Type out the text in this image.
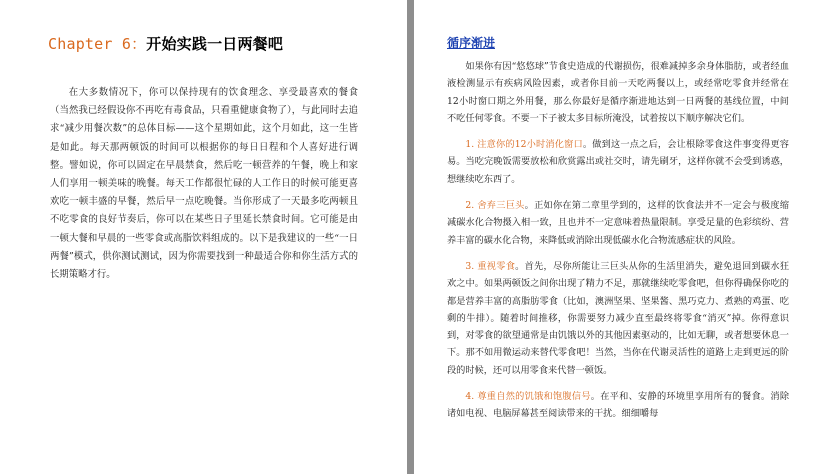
Chapter 6：开始实践一日两餐吧

在大多数情况下，你可以保持现有的饮食理念、享受最喜欢的餐食（当然我已经假设你不再吃有毒食品，只看重健康食物了），与此同时去追求“减少用餐次数”的总体目标——这个星期如此，这个月如此，这一生皆是如此。每天那两顿饭的时间可以根据你的每日日程和个人喜好进行调整。譬如说，你可以固定在早晨禁食，然后吃一顿营养的午餐，晚上和家人们享用一顿美味的晚餐。每天工作都很忙碌的人工作日的时候可能更喜欢吃一顿丰盛的早餐，然后早一点吃晚餐。当你形成了一天最多吃两顿且不吃零食的良好节奏后，你可以在某些日子里延长禁食时间。它可能是由一顿大餐和早晨的一些零食或高脂饮料组成的。以下是我建议的一些“一日两餐”模式，供你测试测试，因为你需要找到一种最适合你和你生活方式的长期策略才行。

循序渐进

如果你有因“悠悠球”节食史造成的代谢损伤，很难减掉多余身体脂肪，或者经血液检测显示有疾病风险因素，或者你目前一天吃两餐以上，或经常吃零食并经常在12小时窗口期之外用餐，那么你最好是循序渐进地达到一日两餐的基线位置，中间不吃任何零食。不要一下子被太多目标所淹没，试着按以下顺序解决它们。

1. 注意你的12小时消化窗口。做到这一点之后，会让根除零食这件事变得更容易。当吃完晚饭需要放松和欣赏露出或社交时，请先刷牙，这样你就不会受到诱惑，想继续吃东西了。

2. 舍弃三巨头。正如你在第二章里学到的，这样的饮食法并不一定会与极度缩减碳水化合物摄入相一致，且也并不一定意味着热量限制。享受足量的色彩缤纷、营养丰富的碳水化合物，来降低或消除出现低碳水化合物流感症状的风险。

3. 重视零食。首先，尽你所能让三巨头从你的生活里消失，避免退回到碳水狂欢之中。如果两顿饭之间你出现了精力不足，那就继续吃零食吧，但你得确保你吃的都是营养丰富的高脂肪零食（比如，澳洲坚果、坚果酱、黑巧克力、煮熟的鸡蛋、吃剩的牛排）。随着时间推移，你需要努力减少直至最终将零食“消灭”掉。你得意识到，对零食的欲望通常是由饥饿以外的其他因素驱动的，比如无聊，或者想要休息一下。那不如用微运动来替代零食吧！当然，当你在代谢灵活性的道路上走到更远的阶段的时候，还可以用零食来代替一顿饭。

4. 尊重自然的饥饿和饱腹信号。在平和、安静的环境里享用所有的餐食。消除诸如电视、电脑屏幕甚至阅读带来的干扰。细细嚼每
